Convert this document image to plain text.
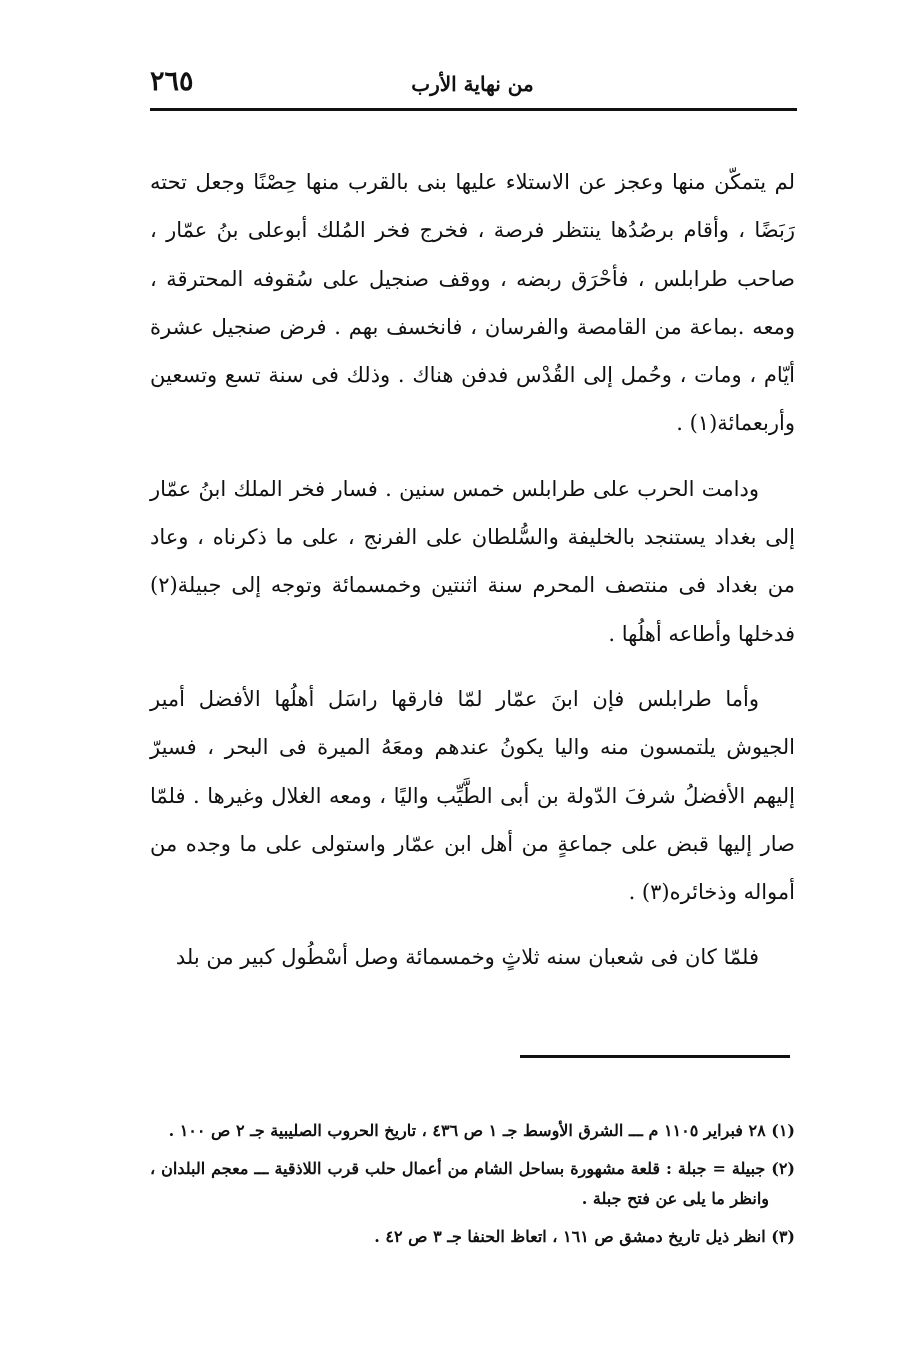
٢٦٥	من نهاية الأرب

لم يتمكّن منها وعجز عن الاستلاء عليها بنى بالقرب منها حِصْنًا وجعل تحته رَبَضًا ، وأقام برصُدُها ينتظر فرصة ، فخرج فخر المُلك أبوعلى بنُ عمّار ، صاحب طرابلس ، فأحْرَق ربضه ، ووقف صنجيل على سُقوفه المحترقة ، ومعه .بماعة من القامصة والفرسان ، فانخسف بهم . فرض صنجيل عشرة أيّام ، ومات ، وحُمل إلى القُدْس فدفن هناك . وذلك فى سنة تسع وتسعين وأربعمائة(١) .

ودامت الحرب على طرابلس خمس سنين . فسار فخر الملك ابنُ عمّار إلى بغداد يستنجد بالخليفة والسُّلطان على الفرنج ، على ما ذكرناه ، وعاد من بغداد فى منتصف المحرم سنة اثنتين وخمسمائة وتوجه إلى جبيلة(٢) فدخلها وأطاعه أهلُها .

وأما طرابلس فإن ابنَ عمّار لمّا فارقها راسَل أهلُها الأفضل أمير الجيوش يلتمسون منه واليا يكونُ عندهم ومعَهُ الميرة فى البحر ، فسيرّ إليهم الأفضلُ شرفَ الدّولة بن أبى الطَّيِّب واليًا ، ومعه الغلال وغيرها . فلمّا صار إليها قبض على جماعةٍ من أهل ابن عمّار واستولى على ما وجده من أمواله وذخائره(٣) .

فلمّا كان فى شعبان سنه ثلاثٍ وخمسمائة وصل أسْطُول كبير من بلد

(١) ٢٨ فبراير ١١٠٥ م ـــ الشرق الأوسط جـ ١ ص ٤٣٦ ، تاريخ الحروب الصليبية جـ ٢ ص ١٠٠ .

(٢) جبيلة = جبلة : قلعة مشهورة بساحل الشام من أعمال حلب قرب اللاذقية ـــ معجم البلدان ، وانظر ما يلى عن فتح جبلة .

(٣) انظر ذيل تاريخ دمشق ص ١٦١ ، اتعاظ الحنفا جـ ٣ ص ٤٢ .
